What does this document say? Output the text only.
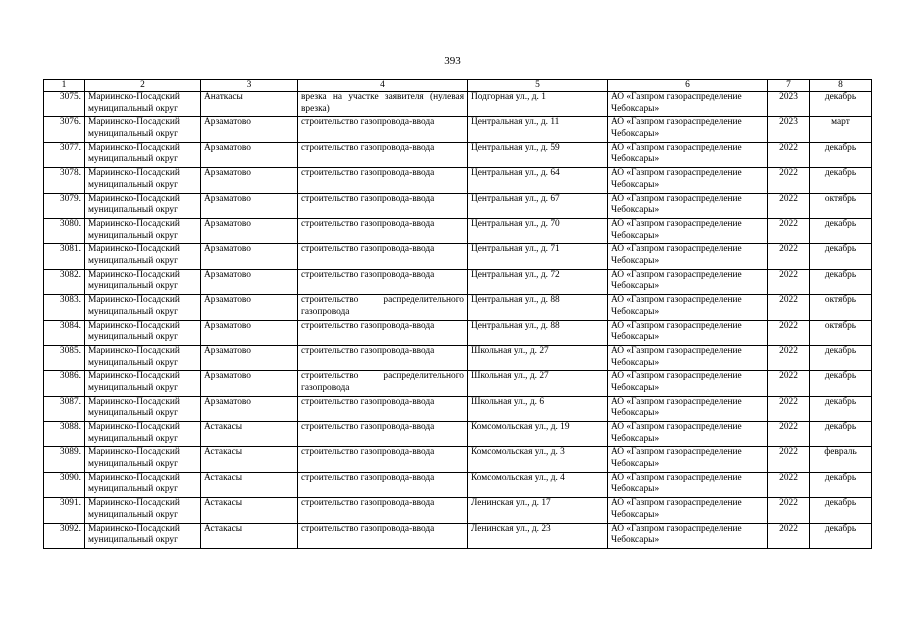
393
1	2	3	4	5	6	7	8
3075.	Мариинско-Посадский муниципальный округ	Анаткасы	врезка на участке заявителя (нулевая врезка)	Подгорная ул., д. 1	АО «Газпром газораспределение Чебоксары»	2023	декабрь
3076.	Мариинско-Посадский муниципальный округ	Арзаматово	строительство газопровода-ввода	Центральная ул., д. 11	АО «Газпром газораспределение Чебоксары»	2023	март
3077.	Мариинско-Посадский муниципальный округ	Арзаматово	строительство газопровода-ввода	Центральная ул., д. 59	АО «Газпром газораспределение Чебоксары»	2022	декабрь
3078.	Мариинско-Посадский муниципальный округ	Арзаматово	строительство газопровода-ввода	Центральная ул., д. 64	АО «Газпром газораспределение Чебоксары»	2022	декабрь
3079.	Мариинско-Посадский муниципальный округ	Арзаматово	строительство газопровода-ввода	Центральная ул., д. 67	АО «Газпром газораспределение Чебоксары»	2022	октябрь
3080.	Мариинско-Посадский муниципальный округ	Арзаматово	строительство газопровода-ввода	Центральная ул., д. 70	АО «Газпром газораспределение Чебоксары»	2022	декабрь
3081.	Мариинско-Посадский муниципальный округ	Арзаматово	строительство газопровода-ввода	Центральная ул., д. 71	АО «Газпром газораспределение Чебоксары»	2022	декабрь
3082.	Мариинско-Посадский муниципальный округ	Арзаматово	строительство газопровода-ввода	Центральная ул., д. 72	АО «Газпром газораспределение Чебоксары»	2022	декабрь
3083.	Мариинско-Посадский муниципальный округ	Арзаматово	строительство распределительного газопровода	Центральная ул., д. 88	АО «Газпром газораспределение Чебоксары»	2022	октябрь
3084.	Мариинско-Посадский муниципальный округ	Арзаматово	строительство газопровода-ввода	Центральная ул., д. 88	АО «Газпром газораспределение Чебоксары»	2022	октябрь
3085.	Мариинско-Посадский муниципальный округ	Арзаматово	строительство газопровода-ввода	Школьная ул., д. 27	АО «Газпром газораспределение Чебоксары»	2022	декабрь
3086.	Мариинско-Посадский муниципальный округ	Арзаматово	строительство распределительного газопровода	Школьная ул., д. 27	АО «Газпром газораспределение Чебоксары»	2022	декабрь
3087.	Мариинско-Посадский муниципальный округ	Арзаматово	строительство газопровода-ввода	Школьная ул., д. 6	АО «Газпром газораспределение Чебоксары»	2022	декабрь
3088.	Мариинско-Посадский муниципальный округ	Астакасы	строительство газопровода-ввода	Комсомольская ул., д. 19	АО «Газпром газораспределение Чебоксары»	2022	декабрь
3089.	Мариинско-Посадский муниципальный округ	Астакасы	строительство газопровода-ввода	Комсомольская ул., д. 3	АО «Газпром газораспределение Чебоксары»	2022	февраль
3090.	Мариинско-Посадский муниципальный округ	Астакасы	строительство газопровода-ввода	Комсомольская ул., д. 4	АО «Газпром газораспределение Чебоксары»	2022	декабрь
3091.	Мариинско-Посадский муниципальный округ	Астакасы	строительство газопровода-ввода	Ленинская ул., д. 17	АО «Газпром газораспределение Чебоксары»	2022	декабрь
3092.	Мариинско-Посадский муниципальный округ	Астакасы	строительство газопровода-ввода	Ленинская ул., д. 23	АО «Газпром газораспределение Чебоксары»	2022	декабрь
